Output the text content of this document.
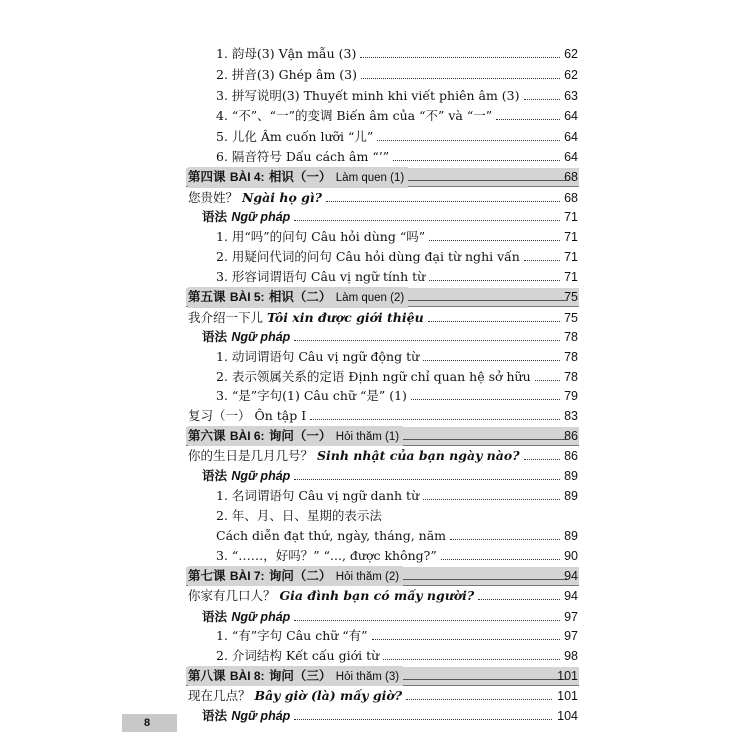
1. 韵母(3) Vận mẫu (3)	62
2. 拼音(3) Ghép âm (3)	62
3. 拼写说明(3) Thuyết minh khi viết phiên âm (3)	63
4. “不”、“一”的变调 Biến âm của “不” và “一”	64
5. 儿化 Âm cuốn lưỡi “儿”	64
6. 隔音符号 Dấu cách âm “’”	64
第四课 BÀI 4: 相识（一） Làm quen (1)	68
您贵姓？ Ngài họ gì?	68
语法 Ngữ pháp	71
1. 用“吗”的问句 Câu hỏi dùng “吗”	71
2. 用疑问代词的问句 Câu hỏi dùng đại từ nghi vấn	71
3. 形容词谓语句 Câu vị ngữ tính từ	71
第五课 BÀI 5: 相识（二） Làm quen (2)	75
我介绍一下儿 Tôi xin được giới thiệu	75
语法 Ngữ pháp	78
1. 动词谓语句 Câu vị ngữ động từ	78
2. 表示领属关系的定语 Định ngữ chỉ quan hệ sở hữu	78
3. “是”字句(1) Câu chữ “是” (1)	79
复习（一） Ôn tập I	83
第六课 BÀI 6: 询问（一） Hỏi thăm (1)	86
你的生日是几月几号？ Sinh nhật của bạn ngày nào?	86
语法 Ngữ pháp	89
1. 名词谓语句 Câu vị ngữ danh từ	89
2. 年、月、日、星期的表示法
Cách diễn đạt thứ, ngày, tháng, năm	89
3. “……，好吗？” “..., được không?”	90
第七课 BÀI 7: 询问（二） Hỏi thăm (2)	94
你家有几口人？ Gia đình bạn có mấy người?	94
语法 Ngữ pháp	97
1. “有”字句 Câu chữ “有”	97
2. 介词结构 Kết cấu giới từ	98
第八课 BÀI 8: 询问（三） Hỏi thăm (3)	101
现在几点？ Bây giờ (là) mấy giờ?	101
语法 Ngữ pháp	104
8
